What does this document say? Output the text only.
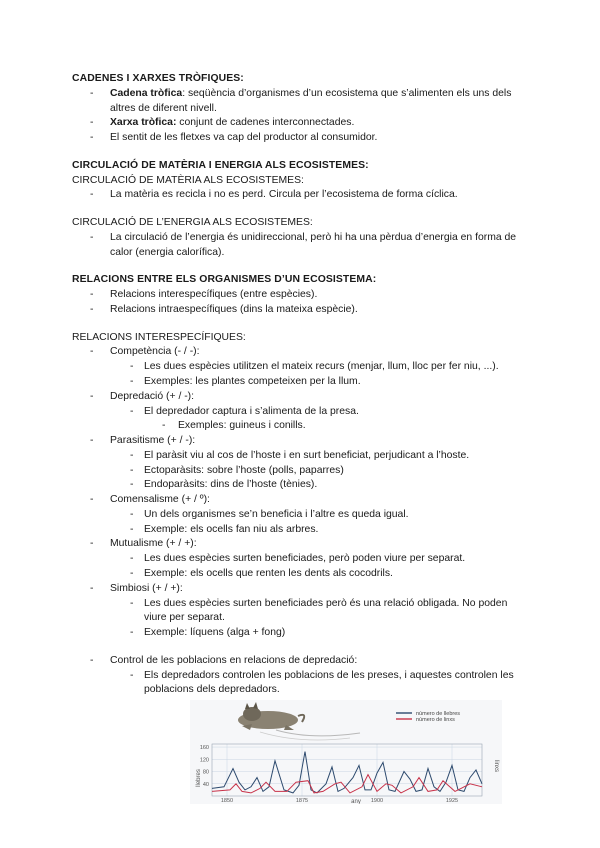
CADENES I XARXES TRÒFIQUES:
- Cadena tròfica: seqüència d’organismes d’un ecosistema que s’alimenten els uns dels altres de diferent nivell.
- Xarxa tròfica: conjunt de cadenes interconnectades.
- El sentit de les fletxes va cap del productor al consumidor.
CIRCULACIÓ DE MATÈRIA I ENERGIA ALS ECOSISTEMES:

CIRCULACIÓ DE MATÈRIA ALS ECOSISTEMES:

- La matèria es recicla i no es perd. Circula per l’ecosistema de forma cíclica.

CIRCULACIÓ DE L’ENERGIA ALS ECOSISTEMES:

- La circulació de l’energia és unidireccional, però hi ha una pèrdua d’energia en forma de calor (energia calorífica).
RELACIONS ENTRE ELS ORGANISMES D’UN ECOSISTEMA:
- Relacions interespecífiques (entre espècies).
- Relacions intraespecífiques (dins la mateixa espècie).

RELACIONS INTERESPECÍFIQUES:

- Competència (- / -):
- Les dues espècies utilitzen el mateix recurs (menjar, llum, lloc per fer niu, ...).
- Exemples: les plantes competeixen per la llum.
- Depredació (+ / -):
- El depredador captura i s’alimenta de la presa.
- Exemples: guineus i conills.
- Parasitisme (+ / -):
- El paràsit viu al cos de l’hoste i en surt beneficiat, perjudicant a l’hoste.
- Ectoparàsits: sobre l’hoste (polls, paparres)
- Endoparàsits: dins de l’hoste (tènies).
- Comensalisme (+ / º):
- Un dels organismes se’n beneficia i l’altre es queda igual.
- Exemple: els ocells fan niu als arbres.
- Mutualisme (+ / +):
- Les dues espècies surten beneficiades, però poden viure per separat.
- Exemple: els ocells que renten les dents als cocodrils.
- Simbiosi (+ / +):
- Les dues espècies surten beneficiades però és una relació obligada. No poden viure per separat.
- Exemple: líquens (alga + fong)
- Control de les poblacions en relacions de depredació:
- Els depredadors controlen les poblacions de les preses, i aquestes controlen les poblacions dels depredadors.
número de llebres
número de linxs
160
120
80
40
1850	1875	1900	1925
llebres
linxs
any
